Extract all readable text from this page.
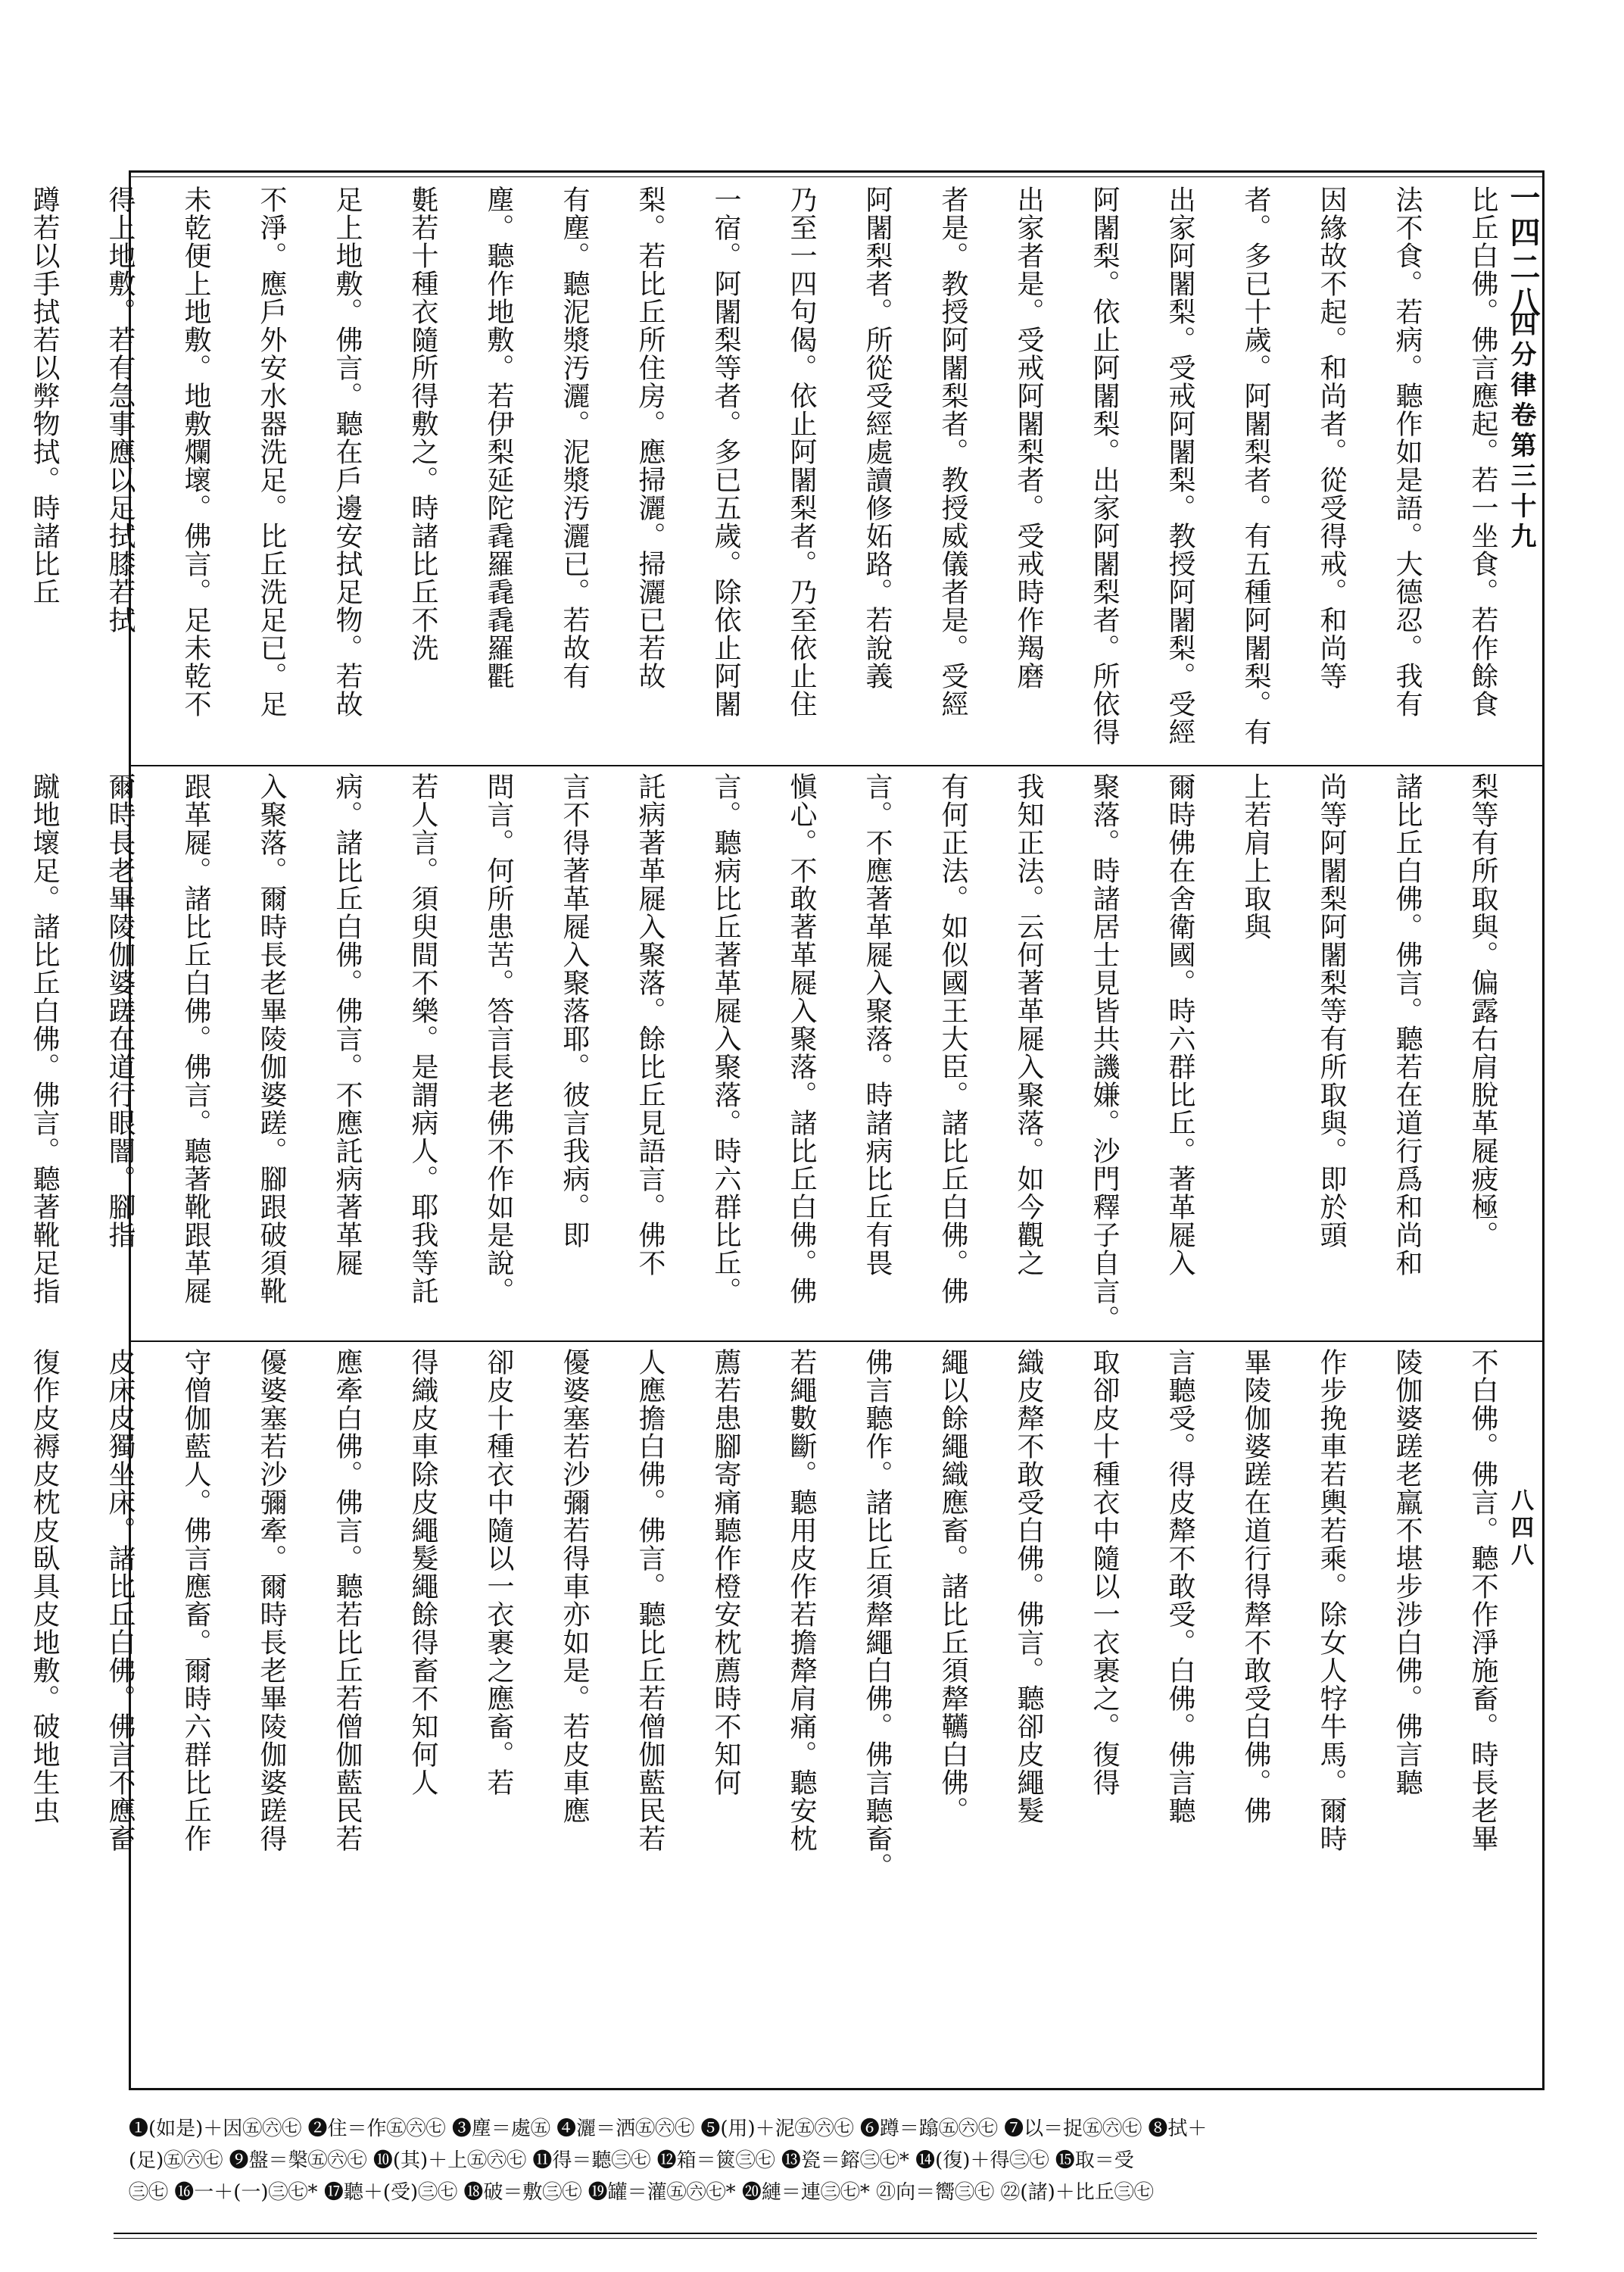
一四二八
四分律卷第三十九
八四八
比丘白佛。佛言應起。若一坐食。若作餘食
法不食。若病。聽作如是語。大德忍。我有
因緣故不起。和尚者。從受得戒。和尚等
者。多已十歲。阿闍梨者。有五種阿闍梨。有
出家阿闍梨。受戒阿闍梨。教授阿闍梨。受經
阿闍梨。依止阿闍梨。出家阿闍梨者。所依得
出家者是。受戒阿闍梨者。受戒時作羯磨
者是。教授阿闍梨者。教授威儀者是。受經
阿闍梨者。所從受經處讀修妬路。若說義
乃至一四句偈。依止阿闍梨者。乃至依止住
一宿。阿闍梨等者。多已五歲。除依止阿闍
梨。若比丘所住房。應掃灑。掃灑已若故
有塵。聽泥漿汚灑。泥漿汚灑已。若故有
塵。聽作地敷。若伊梨延陀毳羅毳毳羅氍
氀若十種衣隨所得敷之。時諸比丘不洗
足上地敷。佛言。聽在戶邊安拭足物。若故
不淨。應戶外安水器洗足。比丘洗足已。足
未乾便上地敷。地敷爛壞。佛言。足未乾不
得上地敷。若有急事應以足拭膝若拭
蹲若以手拭若以弊物拭。時諸比丘
梨等有所取與。偏露右肩脫革屣疲極。
諸比丘白佛。佛言。聽若在道行爲和尚和
尚等阿闍梨阿闍梨等有所取與。即於頭
上若肩上取與
爾時佛在舍衛國。時六群比丘。著革屣入
聚落。時諸居士見皆共譏嫌。沙門釋子自言。
我知正法。云何著革屣入聚落。如今觀之
有何正法。如似國王大臣。諸比丘白佛。佛
言。不應著革屣入聚落。時諸病比丘有畏
愼心。不敢著革屣入聚落。諸比丘白佛。佛
言。聽病比丘著革屣入聚落。時六群比丘。
託病著革屣入聚落。餘比丘見語言。佛不
言不得著革屣入聚落耶。彼言我病。即
問言。何所患苦。答言長老佛不作如是說。
若人言。須臾間不樂。是謂病人。耶我等託
病。諸比丘白佛。佛言。不應託病著革屣
入聚落。爾時長老畢陵伽婆蹉。腳跟破須靴
跟革屣。諸比丘白佛。佛言。聽著靴跟革屣
爾時長老畢陵伽婆蹉在道行眼闇。腳指
蹴地壞足。諸比丘白佛。佛言。聽著靴足指
不白佛。佛言。聽不作淨施畜。時長老畢
陵伽婆蹉老羸不堪步涉白佛。佛言聽
作步挽車若輿若乘。除女人牸牛馬。爾時
畢陵伽婆蹉在道行得犛不敢受白佛。佛
言聽受。得皮犛不敢受。白佛。佛言聽
取卻皮十種衣中隨以一衣裹之。復得
織皮犛不敢受白佛。佛言。聽卻皮繩髮
繩以餘繩織應畜。諸比丘須犛韉白佛。
佛言聽作。諸比丘須犛繩白佛。佛言聽畜。
若繩數斷。聽用皮作若擔犛肩痛。聽安枕
薦若患腳寄痛聽作橙安枕薦時不知何
人應擔白佛。佛言。聽比丘若僧伽藍民若
優婆塞若沙彌若得車亦如是。若皮車應
卻皮十種衣中隨以一衣裹之應畜。若
得織皮車除皮繩髮繩餘得畜不知何人
應牽白佛。佛言。聽若比丘若僧伽藍民若
優婆塞若沙彌牽。爾時長老畢陵伽婆蹉得
守僧伽藍人。佛言應畜。爾時六群比丘作
皮床皮獨坐床。諸比丘白佛。佛言不應畜
復作皮褥皮枕皮臥具皮地敷。破地生虫
❶(如是)＋因㊄㊅㊆ ❷住＝作㊄㊅㊆ ❸塵＝處㊄ ❹灑＝洒㊄㊅㊆ ❺(用)＋泥㊄㊅㊆ ❻蹲＝蹹㊄㊅㊆ ❼以＝捉㊄㊅㊆ ❽拭＋
(足)㊄㊅㊆ ❾盤＝槃㊄㊅㊆ ❿(其)＋上㊄㊅㊆ ⓫得＝聽㊂㊆ ⓬箱＝篋㊂㊆ ⓭瓷＝鎔㊂㊆* ⓮(復)＋得㊂㊆ ⓯取＝受
㊂㊆ ⓰一＋(一)㊂㊆* ⓱聽＋(受)㊂㊆ ⓲破＝敷㊂㊆ ⓳罐＝灌㊄㊅㊆* ⓴縺＝連㊂㊆* ㉑向＝嚮㊂㊆ ㉒(諸)＋比丘㊂㊆
